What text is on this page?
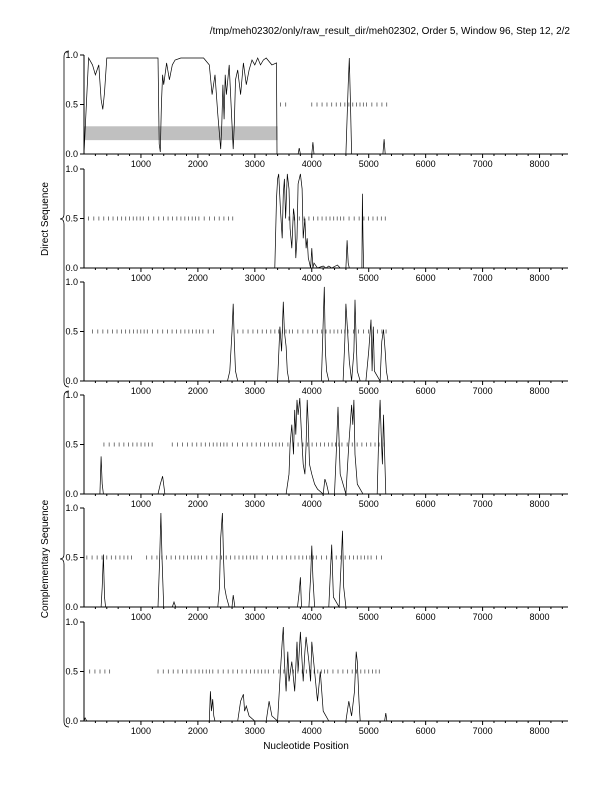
/tmp/meh02302/only/raw_result_dir/meh02302, Order 5, Window 96, Step 12, 2/2
0.0
0.5
1.0
1000	2000	3000	4000	5000	6000	7000	8000
0.0
0.5
1.0
1000	2000	3000	4000	5000	6000	7000	8000
0.0
0.5
1.0
1000	2000	3000	4000	5000	6000	7000	8000
0.0
0.5
1.0
1000	2000	3000	4000	5000	6000	7000	8000
0.0
0.5
1.0
1000	2000	3000	4000	5000	6000	7000	8000
0.0
0.5
1.0
1000	2000	3000	4000	5000	6000	7000	8000
Direct Sequence
Complementary Sequence
Nucleotide Position
